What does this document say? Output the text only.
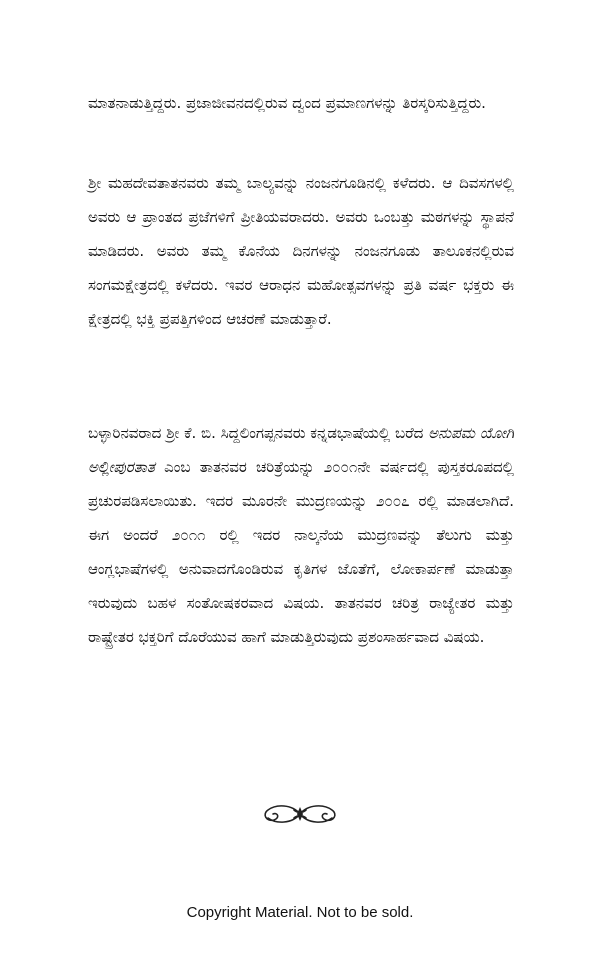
ಮಾತನಾಡುತ್ತಿದ್ದರು. ಪ್ರಜಾಜೀವನದಲ್ಲಿರುವ ದ್ವಂದ ಪ್ರಮಾಣಗಳನ್ನು ತಿರಸ್ಕರಿಸುತ್ತಿದ್ದರು.

ಶ್ರೀ ಮಹದೇವತಾತನವರು ತಮ್ಮ ಬಾಲ್ಯವನ್ನು ನಂಜನಗೂಡಿನಲ್ಲಿ ಕಳೆದರು. ಆ ದಿವಸಗಳಲ್ಲಿ ಅವರು ಆ ಪ್ರಾಂತದ ಪ್ರಜೆಗಳಿಗೆ ಪ್ರೀತಿಯವರಾದರು. ಅವರು ಒಂಬತ್ತು ಮಠಗಳನ್ನು ಸ್ಥಾಪನೆ ಮಾಡಿದರು. ಅವರು ತಮ್ಮ ಕೊನೆಯ ದಿನಗಳನ್ನು ನಂಜನಗೂಡು ತಾಲೂಕನಲ್ಲಿರುವ ಸಂಗಮಕ್ಷೇತ್ರದಲ್ಲಿ ಕಳೆದರು. ಇವರ ಆರಾಧನ ಮಹೋತ್ಸವಗಳನ್ನು ಪ್ರತಿ ವರ್ಷ ಭಕ್ತರು ಈ ಕ್ಷೇತ್ರದಲ್ಲಿ ಭಕ್ತಿ ಪ್ರಪತ್ತಿಗಳಿಂದ ಆಚರಣೆ ಮಾಡುತ್ತಾರೆ.

ಬಳ್ಳಾರಿನವರಾದ ಶ್ರೀ ಕೆ. ಬಿ. ಸಿದ್ದಲಿಂಗಪ್ಪನವರು ಕನ್ನಡಭಾಷೆಯಲ್ಲಿ ಬರೆದ ಅನುಪಮ ಯೋಗಿ ಅಲ್ಲೀಪುರತಾತ ಎಂಬ ತಾತನವರ ಚರಿತ್ರೆಯನ್ನು ೨೦೦೧ನೇ ವರ್ಷದಲ್ಲಿ ಪುಸ್ತಕರೂಪದಲ್ಲಿ ಪ್ರಚುರಪಡಿಸಲಾಯಿತು. ಇದರ ಮೂರನೇ ಮುದ್ರಣಯನ್ನು ೨೦೦೭ ರಲ್ಲಿ ಮಾಡಲಾಗಿದೆ. ಈಗ ಅಂದರೆ ೨೦೧೧ ರಲ್ಲಿ ಇದರ ನಾಲ್ಕನೆಯ ಮುದ್ರಣವನ್ನು ತೆಲುಗು ಮತ್ತು ಆಂಗ್ಲಭಾಷೆಗಳಲ್ಲಿ ಅನುವಾದಗೊಂಡಿರುವ ಕೃತಿಗಳ ಜೊತೆಗೆ, ಲೋಕಾರ್ಪಣೆ ಮಾಡುತ್ತಾ ಇರುವುದು ಬಹಳ ಸಂತೋಷಕರವಾದ ವಿಷಯ. ತಾತನವರ ಚರಿತ್ರ ರಾಜ್ಯೇತರ ಮತ್ತು ರಾಷ್ಟ್ರೇತರ ಭಕ್ತರಿಗೆ ದೊರೆಯುವ ಹಾಗೆ ಮಾಡುತ್ತಿರುವುದು ಪ್ರಶಂಸಾರ್ಹವಾದ ವಿಷಯ.

Copyright Material. Not to be sold.
